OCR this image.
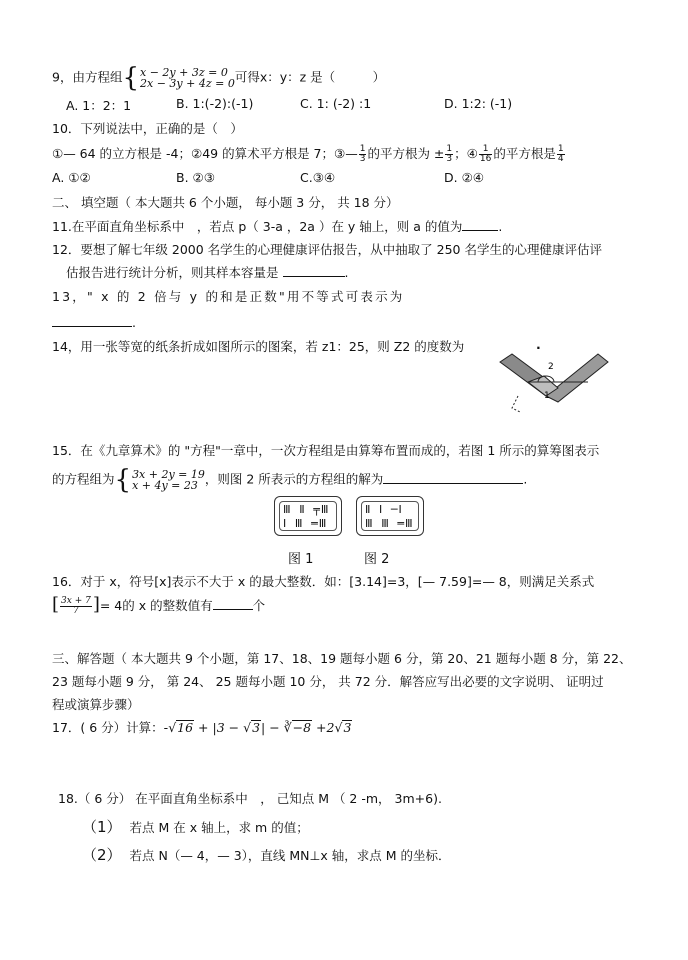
9，由方程组 { x − 2y + 3z = 0
2x − 3y + 4z = 0 可得x：y：z 是（　　　）
A. 1：2：1	B. 1:(-2):(-1)	C. 1: (-2) :1	D. 1:2: (-1)
10．下列说法中，正确的是（　）
①— 64 的立方根是 -4；②49 的算术平方根是 7；③— $\frac{1}{3}$ 的平方根为 ± $\frac{1}{3}$ ；④ $\frac{1}{16}$ 的平方根是 $\frac{1}{4}$
A. ①②	B. ②③	C.③④	D. ②④
二、 填空题（ 本大题共 6 个小题， 每小题 3 分， 共 18 分）
11.在平面直角坐标系中　，若点 p（ 3-a ，2a ）在 y 轴上，则 a 的值为	.
12．要想了解七年级 2000 名学生的心理健康评估报告，从中抽取了 250 名学生的心理健康评估评
估报告进行统计分析，则其样本容量是	.
13，" x 的 2 倍与 y 的和是正数"用不等式可表示为
.
14，用一张等宽的纸条折成如图所示的图案，若 z1：25，则 Z2 的度数为	.
2
1
15．在《九章算术》的 "方程"一章中，一次方程组是由算筹布置而成的，若图 1 所示的算筹图表示
的方程组为 { 3x + 2y = 19
x + 4y = 23 ，则图 2 所表示的方程组的解为	.
Ⅲ Ⅱ ╤Ⅲ
Ⅰ Ⅲ ═Ⅲ
Ⅱ Ⅰ ─Ⅰ
Ⅲ Ⅲ ═Ⅲ
图 1	图 2
16．对于 x，符号[x]表示不大于 x 的最大整数．如：[3.14]=3，[— 7.59]=— 8，则满足关系式
[ $\frac{3x + 7}{7}$ ]= 4的 x 的整数值有	个
三、解答题（ 本大题共 9 个小题，第 17、18、19 题每小题 6 分，第 20、21 题每小题 8 分，第 22、
23 题每小题 9 分， 第 24、 25 题每小题 10 分， 共 72 分．解答应写出必要的文字说明、 证明过
程或演算步骤）
17．( 6 分）计算：-√16 + |3 − √3| − ∛−8 +2√3
18.（ 6 分） 在平面直角坐标系中　， 己知点 M （ 2 -m， 3m+6).
（1） 若点 M 在 x 轴上，求 m 的值；
（2） 若点 N（— 4，— 3），直线 MN⊥x 轴，求点 M 的坐标．
